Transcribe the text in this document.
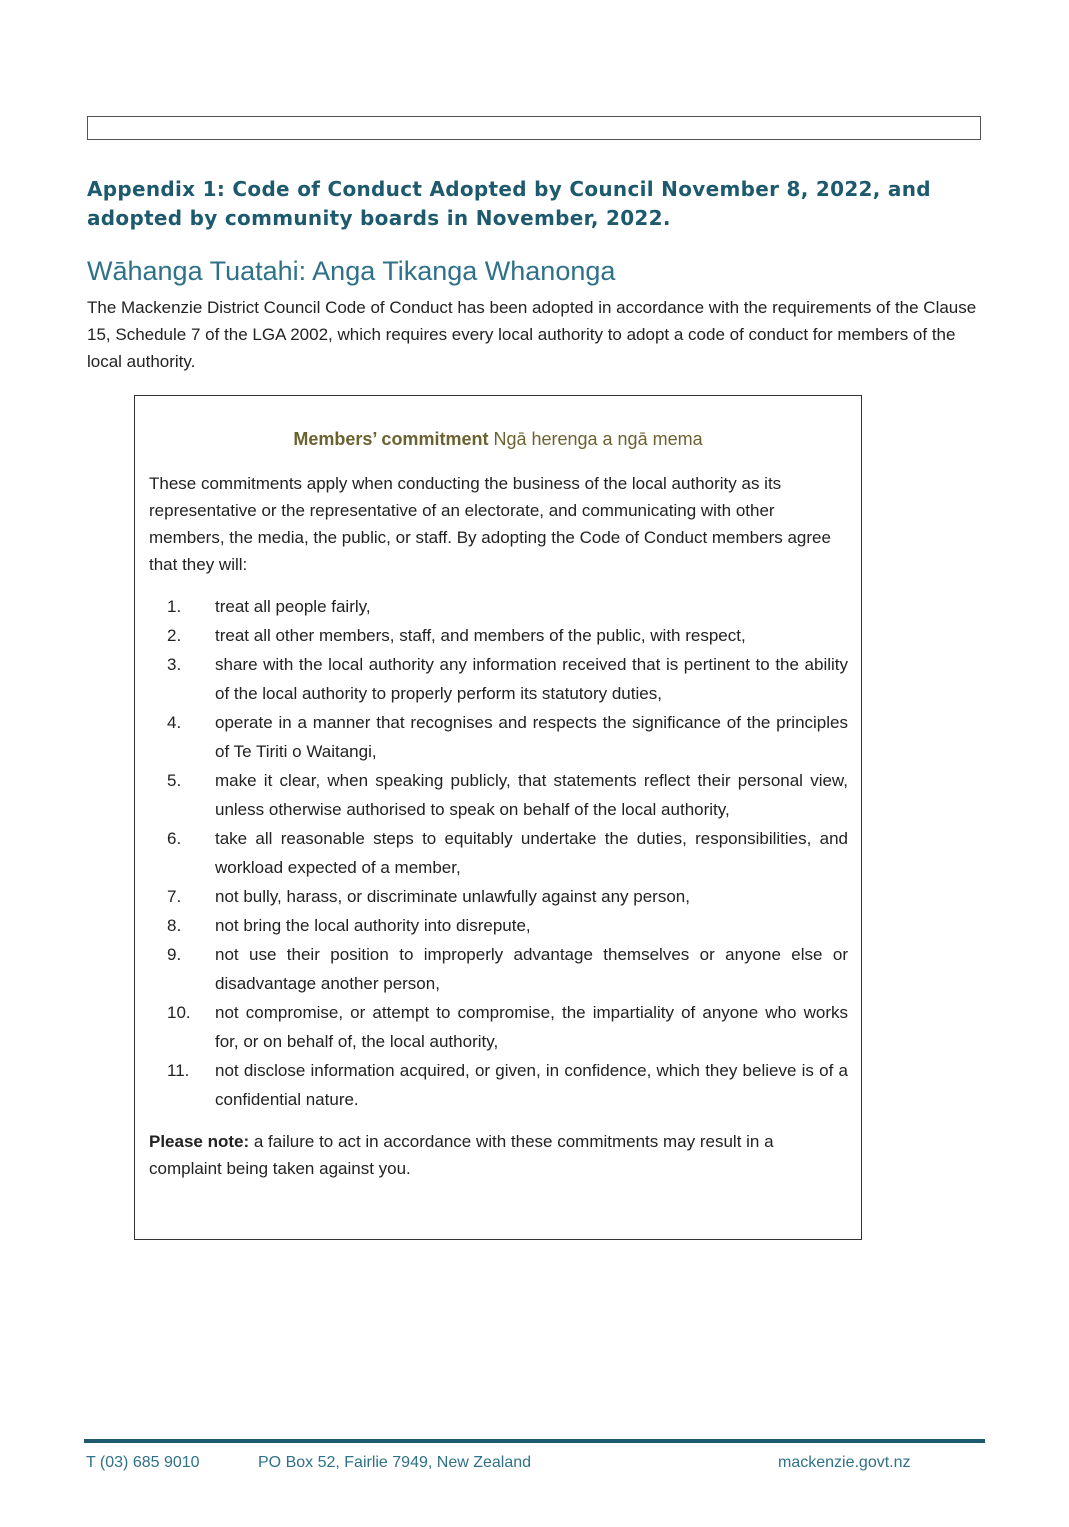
Appendix 1: Code of Conduct Adopted by Council November 8, 2022, and
adopted by community boards in November, 2022.
Wāhanga Tuatahi: Anga Tikanga Whanonga

The Mackenzie District Council Code of Conduct has been adopted in accordance with the requirements of the Clause 15, Schedule 7 of the LGA 2002, which requires every local authority to adopt a code of conduct for members of the local authority.

Members’ commitment Ngā herenga a ngā mema

These commitments apply when conducting the business of the local authority as its representative or the representative of an electorate, and communicating with other members, the media, the public, or staff. By adopting the Code of Conduct members agree that they will:

1.	treat all people fairly,
2.	treat all other members, staff, and members of the public, with respect,
3.	share with the local authority any information received that is pertinent to the ability of the local authority to properly perform its statutory duties,
4.	operate in a manner that recognises and respects the significance of the principles of Te Tiriti o Waitangi,
5.	make it clear, when speaking publicly, that statements reflect their personal view, unless otherwise authorised to speak on behalf of the local authority,
6.	take all reasonable steps to equitably undertake the duties, responsibilities, and workload expected of a member,
7.	not bully, harass, or discriminate unlawfully against any person,
8.	not bring the local authority into disrepute,
9.	not use their position to improperly advantage themselves or anyone else or disadvantage another person,
10.	not compromise, or attempt to compromise, the impartiality of anyone who works for, or on behalf of, the local authority,
11.	not disclose information acquired, or given, in confidence, which they believe is of a confidential nature.

Please note: a failure to act in accordance with these commitments may result in a complaint being taken against you.

T (03) 685 9010	PO Box 52, Fairlie 7949, New Zealand	mackenzie.govt.nz
